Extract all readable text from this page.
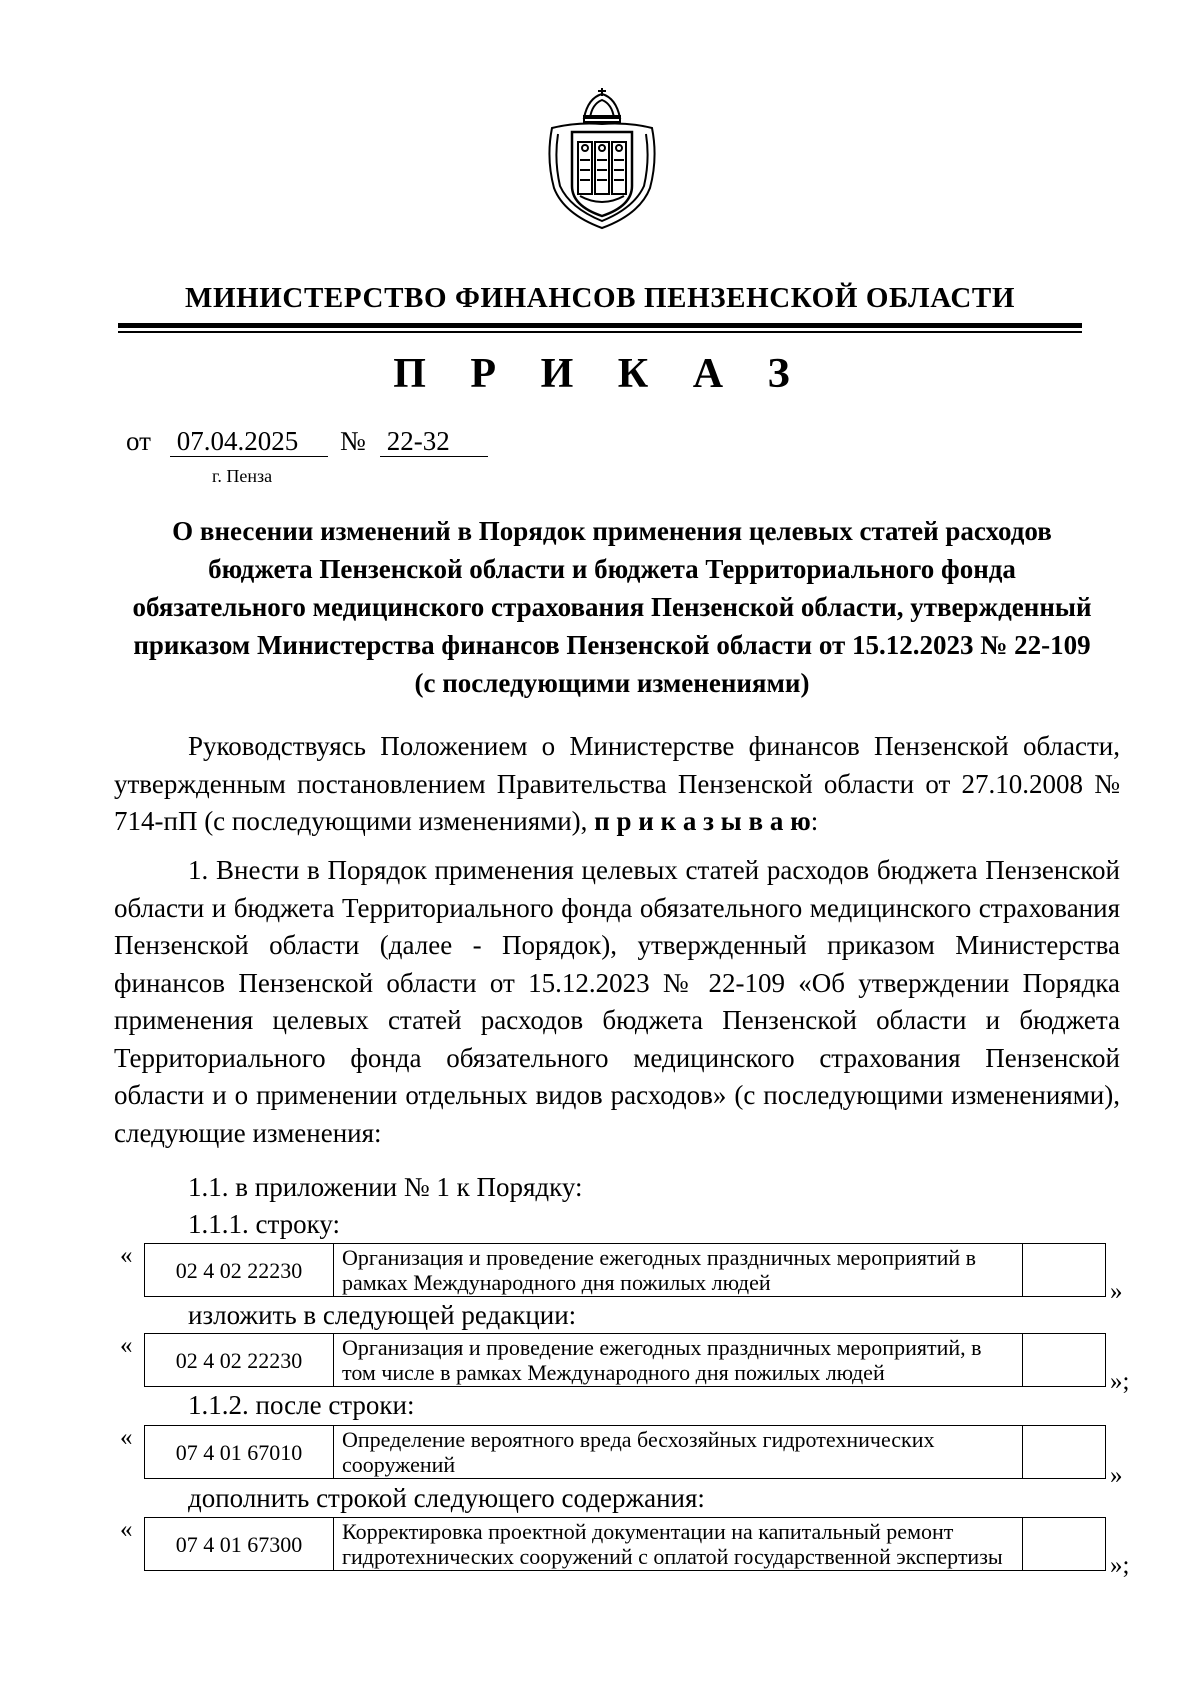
МИНИСТЕРСТВО ФИНАНСОВ ПЕНЗЕНСКОЙ ОБЛАСТИ
П Р И К А З
от 07.04.2025	№ 22-32
г. Пенза
О внесении изменений в Порядок применения целевых статей расходов бюджета Пензенской области и бюджета Территориального фонда обязательного медицинского страхования Пензенской области, утвержденный приказом Министерства финансов Пензенской области от 15.12.2023 № 22-109 (с последующими изменениями)
Руководствуясь Положением о Министерстве финансов Пензенской области, утвержденным постановлением Правительства Пензенской области от 27.10.2008 № 714-пП (с последующими изменениями), п р и к а з ы в а ю:
1. Внести в Порядок применения целевых статей расходов бюджета Пензенской области и бюджета Территориального фонда обязательного медицинского страхования Пензенской области (далее - Порядок), утвержденный приказом Министерства финансов Пензенской области от 15.12.2023 № 22-109 «Об утверждении Порядка применения целевых статей расходов бюджета Пензенской области и бюджета Территориального фонда обязательного медицинского страхования Пензенской области и о применении отдельных видов расходов» (с последующими изменениями), следующие изменения:
1.1. в приложении № 1 к Порядку:
1.1.1. строку:
«
02 4 02 22230	Организация и проведение ежегодных праздничных мероприятий в рамках Международного дня пожилых людей		»
изложить в следующей редакции:
«
02 4 02 22230	Организация и проведение ежегодных праздничных мероприятий, в том числе в рамках Международного дня пожилых людей		»;
1.1.2. после строки:
«
07 4 01 67010	Определение вероятного вреда бесхозяйных гидротехнических сооружений		»
дополнить строкой следующего содержания:
«
07 4 01 67300	Корректировка проектной документации на капитальный ремонт гидротехнических сооружений с оплатой государственной экспертизы		»;
